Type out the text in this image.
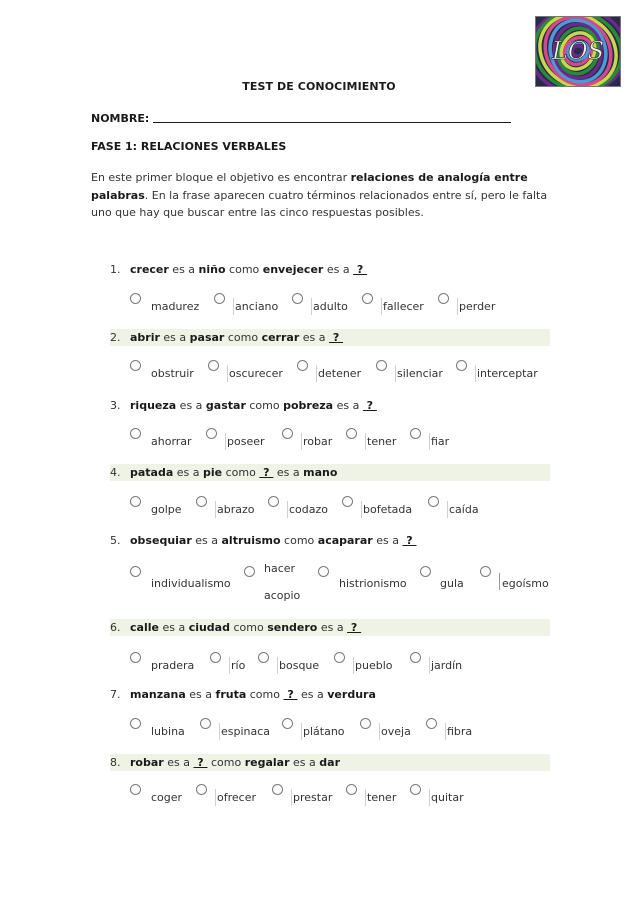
LOS
TEST DE CONOCIMIENTO
NOMBRE:
FASE 1: RELACIONES VERBALES
En este primer bloque el objetivo es encontrar relaciones de analogía entre palabras. En la frase aparecen cuatro términos relacionados entre sí, pero le falta uno que hay que buscar entre las cinco respuestas posibles.
1. crecer es a niño como envejecer es a  ?
2. abrir es a pasar como cerrar es a  ?
3. riqueza es a gastar como pobreza es a  ?
4. patada es a pie como  ?  es a mano
5. obsequiar es a altruismo como acaparar es a  ?
6. calle es a ciudad como sendero es a  ?
7. manzana es a fruta como  ?  es a verdura
8. robar es a  ?  como regalar es a dar
madurez	anciano	adulto	fallecer	perder
obstruir	oscurecer	detener	silenciar	interceptar
ahorrar	poseer	robar	tener	fiar
golpe	abrazo	codazo	bofetada	caída
individualismo
hacer
acopio
histrionismo	gula	egoísmo
pradera	río	bosque	pueblo	jardín
lubina	espinaca	plátano	oveja	fibra
coger	ofrecer	prestar	tener	quitar
